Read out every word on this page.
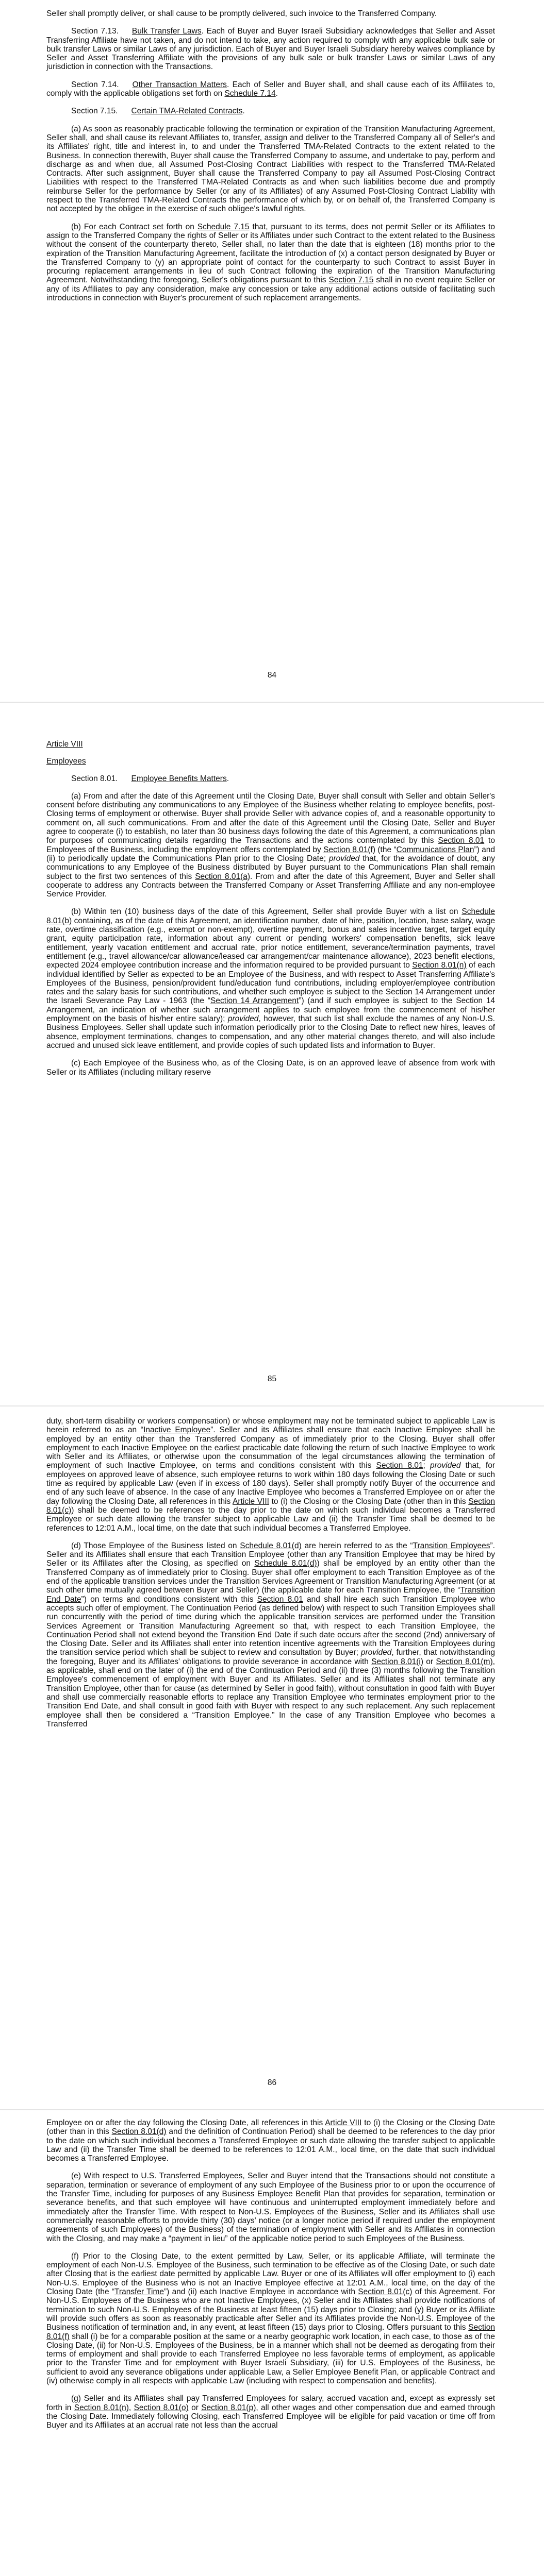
Seller shall promptly deliver, or shall cause to be promptly delivered, such invoice to the Transferred Company.

Section 7.13. Bulk Transfer Laws. Each of Buyer and Buyer Israeli Subsidiary acknowledges that Seller and Asset Transferring Affiliate have not taken, and do not intend to take, any action required to comply with any applicable bulk sale or bulk transfer Laws or similar Laws of any jurisdiction. Each of Buyer and Buyer Israeli Subsidiary hereby waives compliance by Seller and Asset Transferring Affiliate with the provisions of any bulk sale or bulk transfer Laws or similar Laws of any jurisdiction in connection with the Transactions.

Section 7.14. Other Transaction Matters. Each of Seller and Buyer shall, and shall cause each of its Affiliates to, comply with the applicable obligations set forth on Schedule 7.14.

Section 7.15. Certain TMA-Related Contracts.

(a) As soon as reasonably practicable following the termination or expiration of the Transition Manufacturing Agreement, Seller shall, and shall cause its relevant Affiliates to, transfer, assign and deliver to the Transferred Company all of Seller's and its Affiliates' right, title and interest in, to and under the Transferred TMA-Related Contracts to the extent related to the Business. In connection therewith, Buyer shall cause the Transferred Company to assume, and undertake to pay, perform and discharge as and when due, all Assumed Post-Closing Contract Liabilities with respect to the Transferred TMA-Related Contracts. After such assignment, Buyer shall cause the Transferred Company to pay all Assumed Post-Closing Contract Liabilities with respect to the Transferred TMA-Related Contracts as and when such liabilities become due and promptly reimburse Seller for the performance by Seller (or any of its Affiliates) of any Assumed Post-Closing Contract Liability with respect to the Transferred TMA-Related Contracts the performance of which by, or on behalf of, the Transferred Company is not accepted by the obligee in the exercise of such obligee's lawful rights.

(b) For each Contract set forth on Schedule 7.15 that, pursuant to its terms, does not permit Seller or its Affiliates to assign to the Transferred Company the rights of Seller or its Affiliates under such Contract to the extent related to the Business without the consent of the counterparty thereto, Seller shall, no later than the date that is eighteen (18) months prior to the expiration of the Transition Manufacturing Agreement, facilitate the introduction of (x) a contact person designated by Buyer or the Transferred Company to (y) an appropriate point of contact for the counterparty to such Contract to assist Buyer in procuring replacement arrangements in lieu of such Contract following the expiration of the Transition Manufacturing Agreement. Notwithstanding the foregoing, Seller's obligations pursuant to this Section 7.15 shall in no event require Seller or any of its Affiliates to pay any consideration, make any concession or take any additional actions outside of facilitating such introductions in connection with Buyer's procurement of such replacement arrangements.

84

Article VIII

Employees

Section 8.01. Employee Benefits Matters.

(a) From and after the date of this Agreement until the Closing Date, Buyer shall consult with Seller and obtain Seller's consent before distributing any communications to any Employee of the Business whether relating to employee benefits, post-Closing terms of employment or otherwise. Buyer shall provide Seller with advance copies of, and a reasonable opportunity to comment on, all such communications. From and after the date of this Agreement until the Closing Date, Seller and Buyer agree to cooperate (i) to establish, no later than 30 business days following the date of this Agreement, a communications plan for purposes of communicating details regarding the Transactions and the actions contemplated by this Section 8.01 to Employees of the Business, including the employment offers contemplated by Section 8.01(f) (the “Communications Plan”) and (ii) to periodically update the Communications Plan prior to the Closing Date; provided that, for the avoidance of doubt, any communications to any Employee of the Business distributed by Buyer pursuant to the Communications Plan shall remain subject to the first two sentences of this Section 8.01(a). From and after the date of this Agreement, Buyer and Seller shall cooperate to address any Contracts between the Transferred Company or Asset Transferring Affiliate and any non-employee Service Provider.

(b) Within ten (10) business days of the date of this Agreement, Seller shall provide Buyer with a list on Schedule 8.01(b) containing, as of the date of this Agreement, an identification number, date of hire, position, location, base salary, wage rate, overtime classification (e.g., exempt or non-exempt), overtime payment, bonus and sales incentive target, target equity grant, equity participation rate, information about any current or pending workers' compensation benefits, sick leave entitlement, yearly vacation entitlement and accrual rate, prior notice entitlement, severance/termination payments, travel entitlement (e.g., travel allowance/car allowance/leased car arrangement/car maintenance allowance), 2023 benefit elections, expected 2024 employee contribution increase and the information required to be provided pursuant to Section 8.01(n) of each individual identified by Seller as expected to be an Employee of the Business, and with respect to Asset Transferring Affiliate's Employees of the Business, pension/provident fund/education fund contributions, including employer/employee contribution rates and the salary basis for such contributions, and whether such employee is subject to the Section 14 Arrangement under the Israeli Severance Pay Law - 1963 (the “Section 14 Arrangement”) (and if such employee is subject to the Section 14 Arrangement, an indication of whether such arrangement applies to such employee from the commencement of his/her employment on the basis of his/her entire salary); provided, however, that such list shall exclude the names of any Non-U.S. Business Employees. Seller shall update such information periodically prior to the Closing Date to reflect new hires, leaves of absence, employment terminations, changes to compensation, and any other material changes thereto, and will also include accrued and unused sick leave entitlement, and provide copies of such updated lists and information to Buyer.

(c) Each Employee of the Business who, as of the Closing Date, is on an approved leave of absence from work with Seller or its Affiliates (including military reserve

85

duty, short-term disability or workers compensation) or whose employment may not be terminated subject to applicable Law is herein referred to as an “Inactive Employee”. Seller and its Affiliates shall ensure that each Inactive Employee shall be employed by an entity other than the Transferred Company as of immediately prior to the Closing. Buyer shall offer employment to each Inactive Employee on the earliest practicable date following the return of such Inactive Employee to work with Seller and its Affiliates, or otherwise upon the consummation of the legal circumstances allowing the termination of employment of such Inactive Employee, on terms and conditions consistent with this Section 8.01; provided that, for employees on approved leave of absence, such employee returns to work within 180 days following the Closing Date or such time as required by applicable Law (even if in excess of 180 days). Seller shall promptly notify Buyer of the occurrence and end of any such leave of absence. In the case of any Inactive Employee who becomes a Transferred Employee on or after the day following the Closing Date, all references in this Article VIII to (i) the Closing or the Closing Date (other than in this Section 8.01(c)) shall be deemed to be references to the day prior to the date on which such individual becomes a Transferred Employee or such date allowing the transfer subject to applicable Law and (ii) the Transfer Time shall be deemed to be references to 12:01 A.M., local time, on the date that such individual becomes a Transferred Employee.

(d) Those Employee of the Business listed on Schedule 8.01(d) are herein referred to as the “Transition Employees”. Seller and its Affiliates shall ensure that each Transition Employee (other than any Transition Employee that may be hired by Seller or its Affiliates after the Closing, as specified on Schedule 8.01(d)) shall be employed by an entity other than the Transferred Company as of immediately prior to Closing. Buyer shall offer employment to each Transition Employee as of the end of the applicable transition services under the Transition Services Agreement or Transition Manufacturing Agreement (or at such other time mutually agreed between Buyer and Seller) (the applicable date for each Transition Employee, the “Transition End Date”) on terms and conditions consistent with this Section 8.01 and shall hire each such Transition Employee who accepts such offer of employment. The Continuation Period (as defined below) with respect to such Transition Employees shall run concurrently with the period of time during which the applicable transition services are performed under the Transition Services Agreement or Transition Manufacturing Agreement so that, with respect to each Transition Employee, the Continuation Period shall not extend beyond the Transition End Date if such date occurs after the second (2nd) anniversary of the Closing Date. Seller and its Affiliates shall enter into retention incentive agreements with the Transition Employees during the transition service period which shall be subject to review and consultation by Buyer; provided, further, that notwithstanding the foregoing, Buyer and its Affiliates' obligations to provide severance in accordance with Section 8.01(i) or Section 8.01(m), as applicable, shall end on the later of (i) the end of the Continuation Period and (ii) three (3) months following the Transition Employee's commencement of employment with Buyer and its Affiliates. Seller and its Affiliates shall not terminate any Transition Employee, other than for cause (as determined by Seller in good faith), without consultation in good faith with Buyer and shall use commercially reasonable efforts to replace any Transition Employee who terminates employment prior to the Transition End Date, and shall consult in good faith with Buyer with respect to any such replacement. Any such replacement employee shall then be considered a “Transition Employee.” In the case of any Transition Employee who becomes a Transferred

86

Employee on or after the day following the Closing Date, all references in this Article VIII to (i) the Closing or the Closing Date (other than in this Section 8.01(d) and the definition of Continuation Period) shall be deemed to be references to the day prior to the date on which such individual becomes a Transferred Employee or such date allowing the transfer subject to applicable Law and (ii) the Transfer Time shall be deemed to be references to 12:01 A.M., local time, on the date that such individual becomes a Transferred Employee.

(e) With respect to U.S. Transferred Employees, Seller and Buyer intend that the Transactions should not constitute a separation, termination or severance of employment of any such Employee of the Business prior to or upon the occurrence of the Transfer Time, including for purposes of any Business Employee Benefit Plan that provides for separation, termination or severance benefits, and that such employee will have continuous and uninterrupted employment immediately before and immediately after the Transfer Time. With respect to Non-U.S. Employees of the Business, Seller and its Affiliates shall use commercially reasonable efforts to provide thirty (30) days' notice (or a longer notice period if required under the employment agreements of such Employees) of the Business) of the termination of employment with Seller and its Affiliates in connection with the Closing, and may make a “payment in lieu” of the applicable notice period to such Employees of the Business.

(f) Prior to the Closing Date, to the extent permitted by Law, Seller, or its applicable Affiliate, will terminate the employment of each Non-U.S. Employee of the Business, such termination to be effective as of the Closing Date, or such date after Closing that is the earliest date permitted by applicable Law. Buyer or one of its Affiliates will offer employment to (i) each Non-U.S. Employee of the Business who is not an Inactive Employee effective at 12:01 A.M., local time, on the day of the Closing Date (the “Transfer Time”) and (ii) each Inactive Employee in accordance with Section 8.01(c) of this Agreement. For Non-U.S. Employees of the Business who are not Inactive Employees, (x) Seller and its Affiliates shall provide notifications of termination to such Non-U.S. Employees of the Business at least fifteen (15) days prior to Closing; and (y) Buyer or its Affiliate will provide such offers as soon as reasonably practicable after Seller and its Affiliates provide the Non-U.S. Employee of the Business notification of termination and, in any event, at least fifteen (15) days prior to Closing. Offers pursuant to this Section 8.01(f) shall (i) be for a comparable position at the same or a nearby geographic work location, in each case, to those as of the Closing Date, (ii) for Non-U.S. Employees of the Business, be in a manner which shall not be deemed as derogating from their terms of employment and shall provide to each Transferred Employee no less favorable terms of employment, as applicable prior to the Transfer Time and for employment with Buyer Israeli Subsidiary, (iii) for U.S. Employees of the Business, be sufficient to avoid any severance obligations under applicable Law, a Seller Employee Benefit Plan, or applicable Contract and (iv) otherwise comply in all respects with applicable Law (including with respect to compensation and benefits).

(g) Seller and its Affiliates shall pay Transferred Employees for salary, accrued vacation and, except as expressly set forth in Section 8.01(n), Section 8.01(o) or Section 8.01(p), all other wages and other compensation due and earned through the Closing Date. Immediately following Closing, each Transferred Employee will be eligible for paid vacation or time off from Buyer and its Affiliates at an accrual rate not less than the accrual
